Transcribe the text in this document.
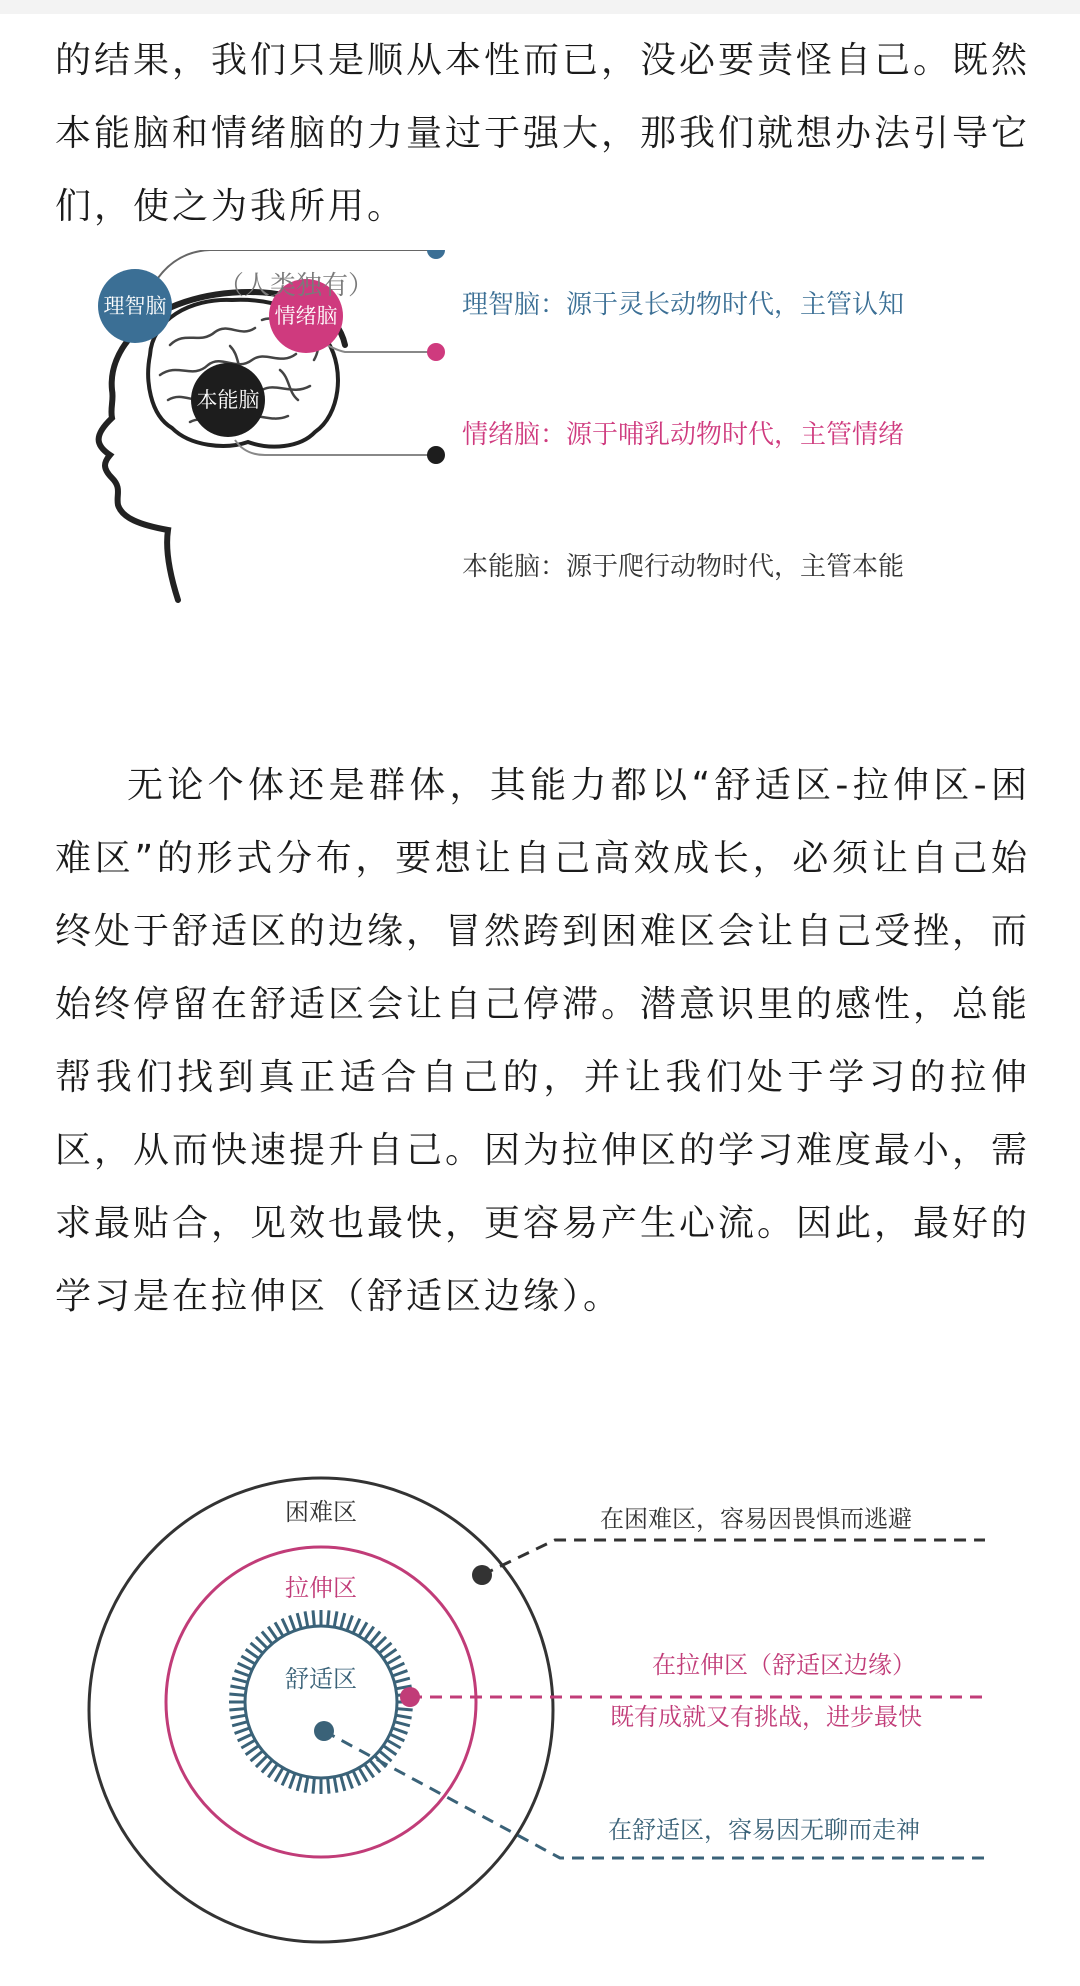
的结果，我们只是顺从本性而已，没必要责怪自己。既然本能脑和情绪脑的力量过于强大，那我们就想办法引导它们，使之为我所用。

理智脑	情绪脑
本能脑
（人类独有）
理智脑：源于灵长动物时代，主管认知
情绪脑：源于哺乳动物时代，主管情绪
本能脑：源于爬行动物时代，主管本能

无论个体还是群体，其能力都以“舒适区-拉伸区-困难区”的形式分布，要想让自己高效成长，必须让自己始终处于舒适区的边缘，冒然跨到困难区会让自己受挫，而始终停留在舒适区会让自己停滞。潜意识里的感性，总能帮我们找到真正适合自己的，并让我们处于学习的拉伸区，从而快速提升自己。因为拉伸区的学习难度最小，需求最贴合，见效也最快，更容易产生心流。因此，最好的学习是在拉伸区（舒适区边缘）。

困难区
拉伸区
舒适区
在困难区，容易因畏惧而逃避
在拉伸区（舒适区边缘）
既有成就又有挑战，进步最快
在舒适区，容易因无聊而走神
